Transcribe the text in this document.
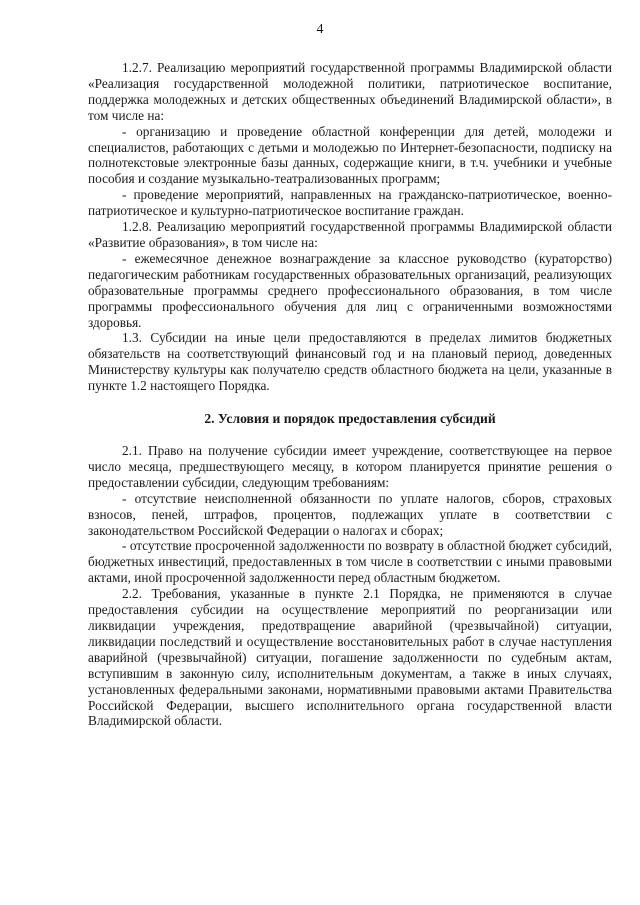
4

1.2.7. Реализацию мероприятий государственной программы Владимирской области «Реализация государственной молодежной политики, патриотическое воспитание, поддержка молодежных и детских общественных объединений Владимирской области», в том числе на:

- организацию и проведение областной конференции для детей, молодежи и специалистов, работающих с детьми и молодежью по Интернет-безопасности, подписку на полнотекстовые электронные базы данных, содержащие книги, в т.ч. учебники и учебные пособия и создание музыкально-театрализованных программ;

- проведение мероприятий, направленных на гражданско-патриотическое, военно-патриотическое и культурно-патриотическое воспитание граждан.

1.2.8. Реализацию мероприятий государственной программы Владимирской области «Развитие образования», в том числе на:

- ежемесячное денежное вознаграждение за классное руководство (кураторство) педагогическим работникам государственных образовательных организаций, реализующих образовательные программы среднего профессионального образования, в том числе программы профессионального обучения для лиц с ограниченными возможностями здоровья.

1.3. Субсидии на иные цели предоставляются в пределах лимитов бюджетных обязательств на соответствующий финансовый год и на плановый период, доведенных Министерству культуры как получателю средств областного бюджета на цели, указанные в пункте 1.2 настоящего Порядка.

2. Условия и порядок предоставления субсидий

2.1. Право на получение субсидии имеет учреждение, соответствующее на первое число месяца, предшествующего месяцу, в котором планируется принятие решения о предоставлении субсидии, следующим требованиям:

- отсутствие неисполненной обязанности по уплате налогов, сборов, страховых взносов, пеней, штрафов, процентов, подлежащих уплате в соответствии с законодательством Российской Федерации о налогах и сборах;

- отсутствие просроченной задолженности по возврату в областной бюджет субсидий, бюджетных инвестиций, предоставленных в том числе в соответствии с иными правовыми актами, иной просроченной задолженности перед областным бюджетом.

2.2. Требования, указанные в пункте 2.1 Порядка, не применяются в случае предоставления субсидии на осуществление мероприятий по реорганизации или ликвидации учреждения, предотвращение аварийной (чрезвычайной) ситуации, ликвидации последствий и осуществление восстановительных работ в случае наступления аварийной (чрезвычайной) ситуации, погашение задолженности по судебным актам, вступившим в законную силу, исполнительным документам, а также в иных случаях, установленных федеральными законами, нормативными правовыми актами Правительства Российской Федерации, высшего исполнительного органа государственной власти Владимирской области.
